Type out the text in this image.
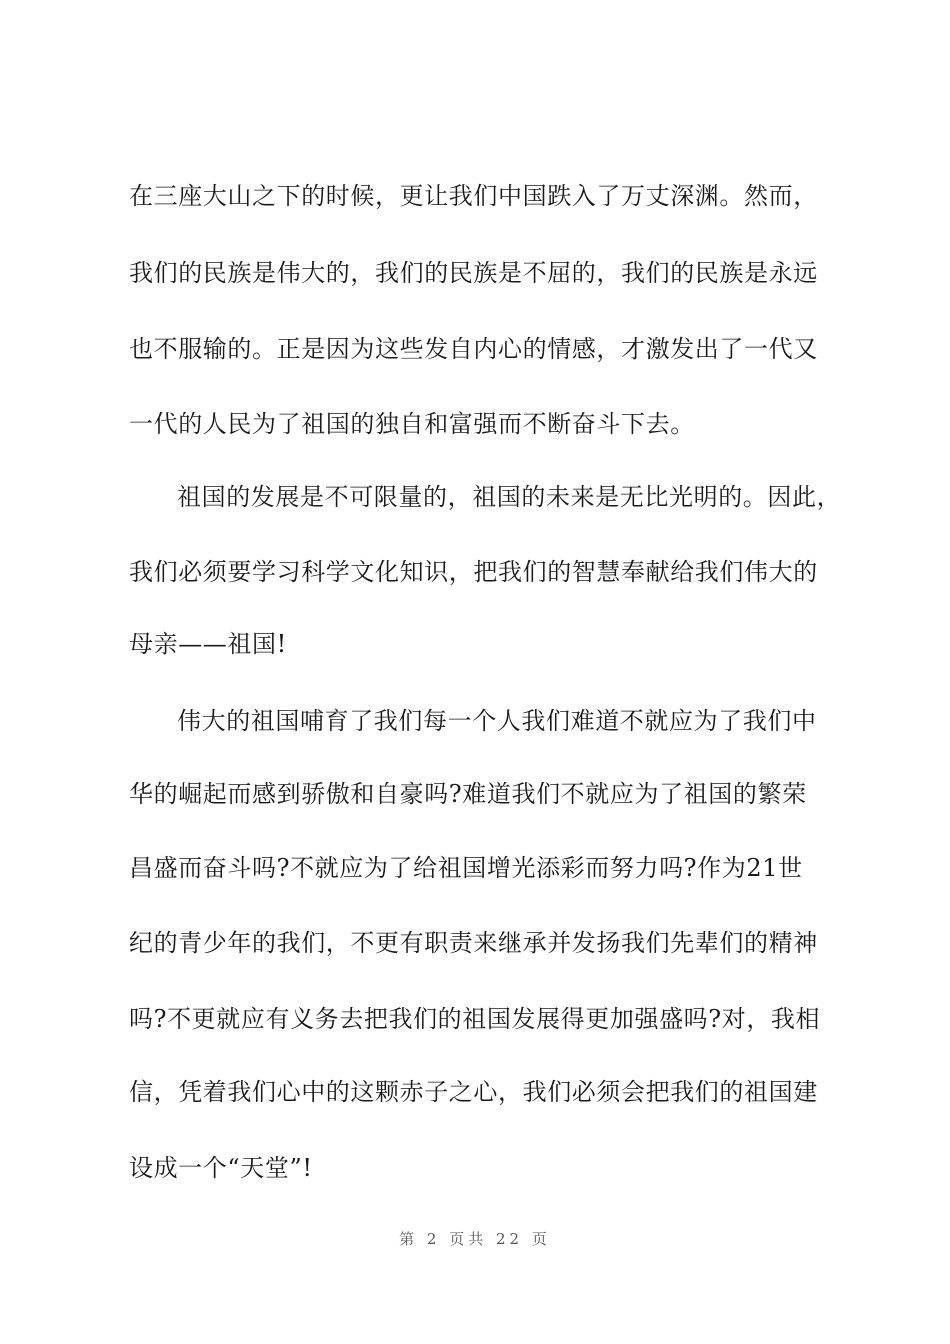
在三座大山之下的时候，更让我们中国跌入了万丈深渊。然而，
我们的民族是伟大的，我们的民族是不屈的，我们的民族是永远
也不服输的。正是因为这些发自内心的情感，才激发出了一代又
一代的人民为了祖国的独自和富强而不断奋斗下去。
祖国的发展是不可限量的，祖国的未来是无比光明的。因此，
我们必须要学习科学文化知识，把我们的智慧奉献给我们伟大的
母亲——祖国!
伟大的祖国哺育了我们每一个人我们难道不就应为了我们中
华的崛起而感到骄傲和自豪吗?难道我们不就应为了祖国的繁荣
昌盛而奋斗吗?不就应为了给祖国增光添彩而努力吗?作为21世
纪的青少年的我们，不更有职责来继承并发扬我们先辈们的精神
吗?不更就应有义务去把我们的祖国发展得更加强盛吗?对，我相
信，凭着我们心中的这颗赤子之心，我们必须会把我们的祖国建
设成一个“天堂”!
第 2 页共 22 页
